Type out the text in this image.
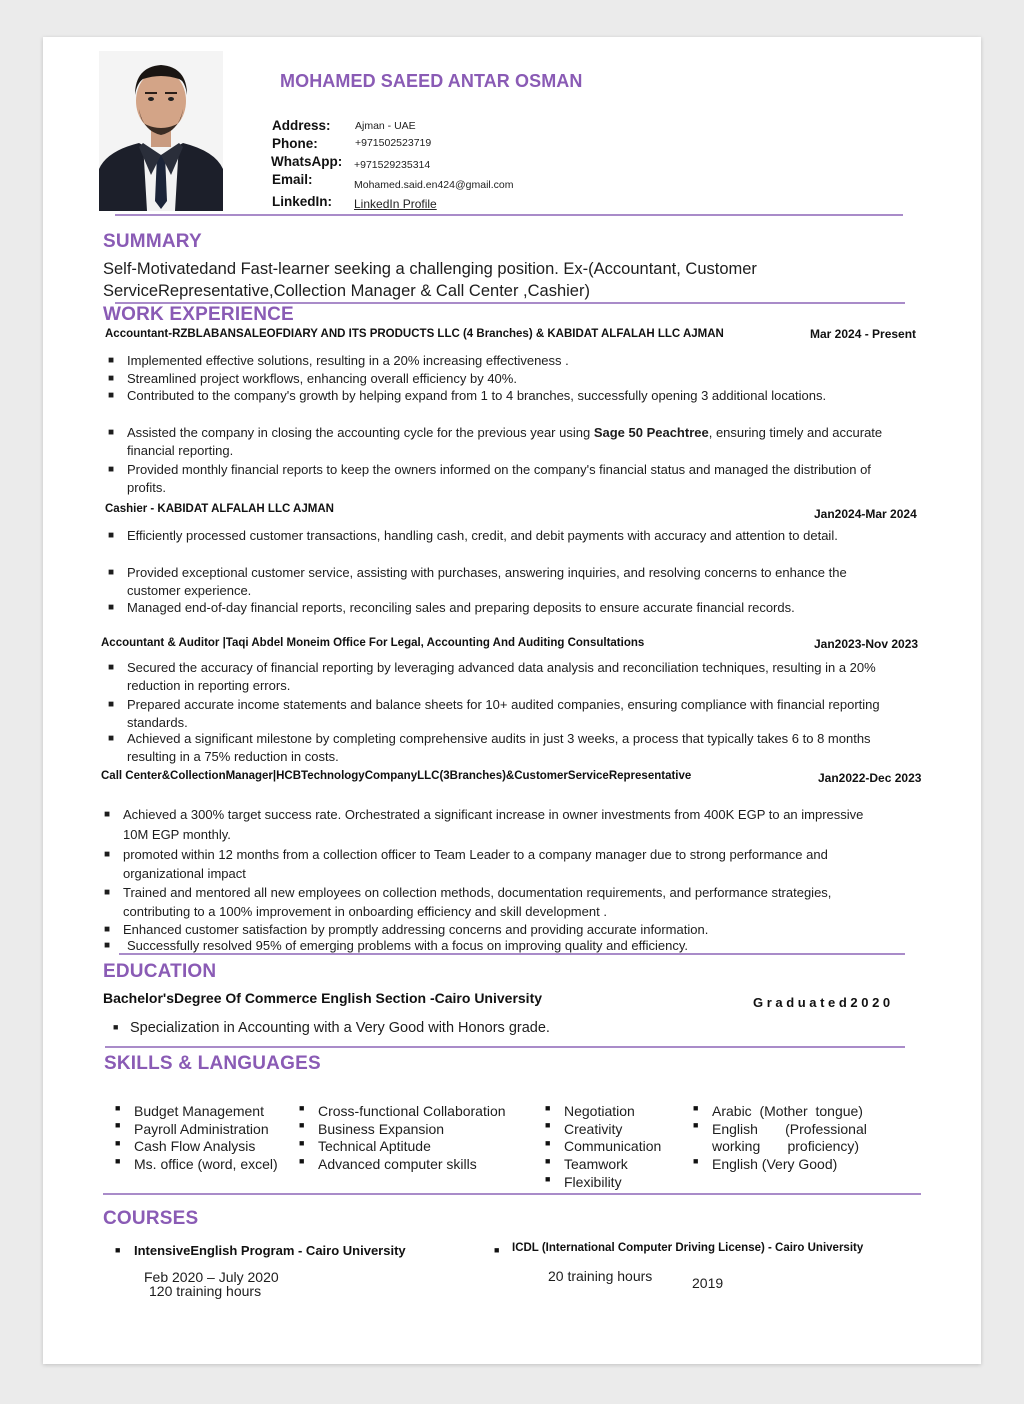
MOHAMED SAEED ANTAR OSMAN
Address: Ajman - UAE
Phone:	+971502523719
WhatsApp: +971529235314
Email:	Mohamed.said.en424@gmail.com
LinkedIn: LinkedIn Profile
SUMMARY
Self-Motivatedand Fast-learner seeking a challenging position. Ex-(Accountant, Customer ServiceRepresentative,Collection Manager & Call Center ,Cashier)
WORK EXPERIENCE
Accountant-RZBLABANSALEOFDIARY AND ITS PRODUCTS LLC (4 Branches) & KABIDAT ALFALAH LLC AJMAN	Mar 2024 - Present
■ Implemented effective solutions, resulting in a 20% increasing effectiveness .
■ Streamlined project workflows, enhancing overall efficiency by 40%.
■ Contributed to the company's growth by helping expand from 1 to 4 branches, successfully opening 3 additional locations.
■ Assisted the company in closing the accounting cycle for the previous year using Sage 50 Peachtree, ensuring timely and accurate financial reporting.
■ Provided monthly financial reports to keep the owners informed on the company's financial status and managed the distribution of profits.
Cashier - KABIDAT ALFALAH LLC AJMAN	Jan2024-Mar 2024
■ Efficiently processed customer transactions, handling cash, credit, and debit payments with accuracy and attention to detail.
■ Provided exceptional customer service, assisting with purchases, answering inquiries, and resolving concerns to enhance the customer experience.
■ Managed end-of-day financial reports, reconciling sales and preparing deposits to ensure accurate financial records.
Accountant & Auditor |Taqi Abdel Moneim Office For Legal, Accounting And Auditing Consultations	Jan2023-Nov 2023
■ Secured the accuracy of financial reporting by leveraging advanced data analysis and reconciliation techniques, resulting in a 20% reduction in reporting errors.
■ Prepared accurate income statements and balance sheets for 10+ audited companies, ensuring compliance with financial reporting standards.
■ Achieved a significant milestone by completing comprehensive audits in just 3 weeks, a process that typically takes 6 to 8 months resulting in a 75% reduction in costs.
Call Center&CollectionManager|HCBTechnologyCompanyLLC(3Branches)&CustomerServiceRepresentative	Jan2022-Dec 2023
■ Achieved a 300% target success rate. Orchestrated a significant increase in owner investments from 400K EGP to an impressive 10M EGP monthly.
■ promoted within 12 months from a collection officer to Team Leader to a company manager due to strong performance and organizational impact
■ Trained and mentored all new employees on collection methods, documentation requirements, and performance strategies, contributing to a 100% improvement in onboarding efficiency and skill development .
■ Enhanced customer satisfaction by promptly addressing concerns and providing accurate information.
■ Successfully resolved 95% of emerging problems with a focus on improving quality and efficiency.
EDUCATION
Bachelor'sDegree Of Commerce English Section -Cairo University	Graduated2020
■ Specialization in Accounting with a Very Good with Honors grade.
SKILLS & LANGUAGES
■ Budget Management
■ Payroll Administration
■ Cash Flow Analysis
■ Ms. office (word, excel)
■ Cross-functional Collaboration
■ Business Expansion
■ Technical Aptitude
■ Advanced computer skills
■ Negotiation
■ Creativity
■ Communication
■ Teamwork
■ Flexibility
■ Arabic  (Mother  tongue)
■ English       (Professional
working       proficiency)
■ English (Very Good)
COURSES
■ IntensiveEnglish Program - Cairo University
Feb 2020 – July 2020
120 training hours
■ ICDL (International Computer Driving License) - Cairo University
20 training hours	2019
